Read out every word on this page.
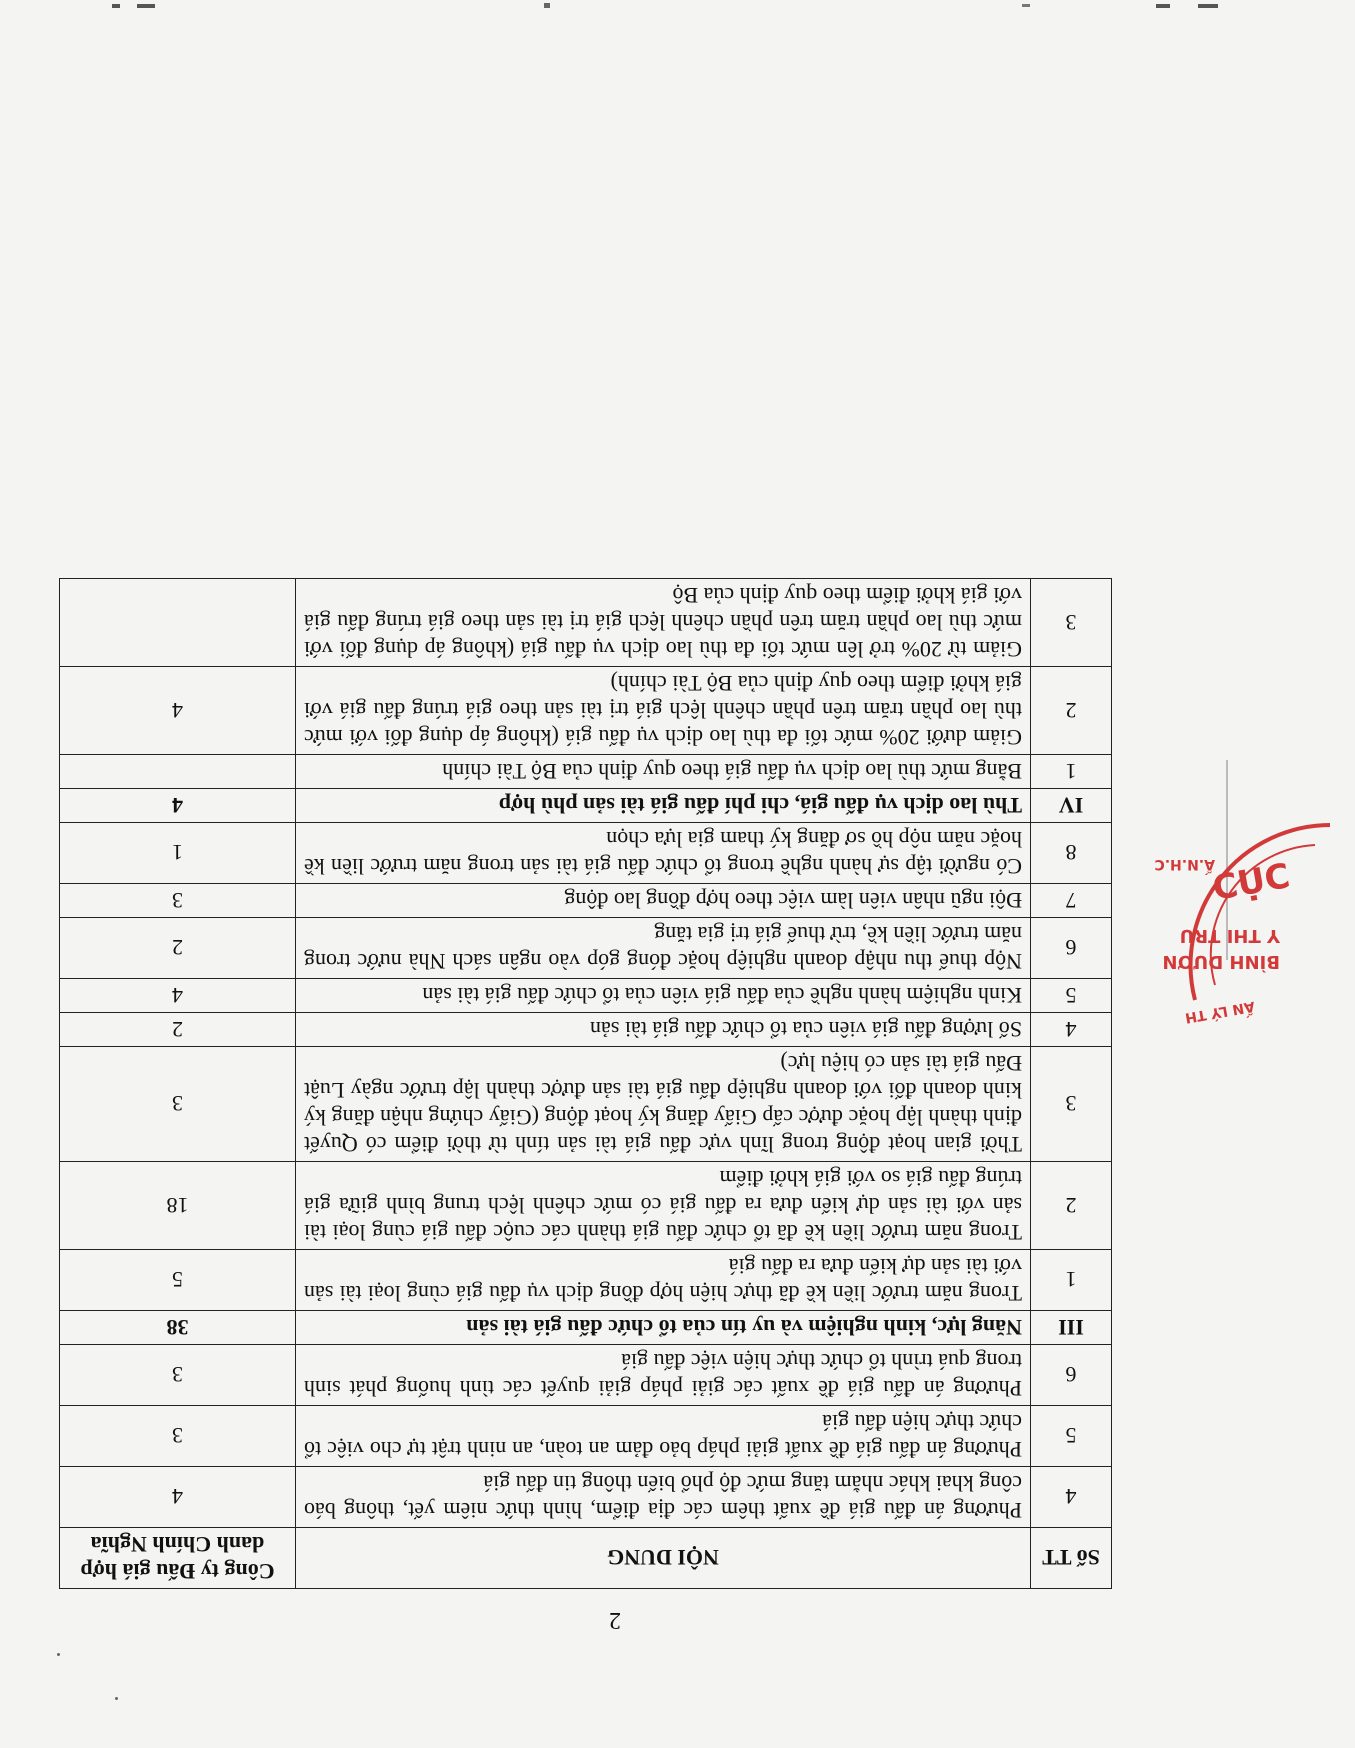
2
Số TT	NỘI DUNG	Công ty Đấu giá hợp danh Chính Nghĩa
4	Phương án đấu giá đề xuất thêm các địa điểm, hình thức niêm yết, thông báo công khai khác nhằm tăng mức độ phổ biến thông tin đấu giá	4
5	Phương án đấu giá đề xuất giải pháp bảo đảm an toàn, an ninh trật tự cho việc tổ chức thực hiện đấu giá	3
6	Phương án đấu giá đề xuất các giải pháp giải quyết các tình huống phát sinh trong quá trình tổ chức thực hiện việc đấu giá	3
III	Năng lực, kinh nghiệm và uy tín của tổ chức đấu giá tài sản	38
1	Trong năm trước liền kề đã thực hiện hợp đồng dịch vụ đấu giá cùng loại tài sản với tài sản dự kiến đưa ra đấu giá	5
2	Trong năm trước liền kề đã tổ chức đấu giá thành các cuộc đấu giá cùng loại tài sản với tài sản dự kiến đưa ra đấu giá có mức chênh lệch trung bình giữa giá trúng đấu giá so với giá khởi điểm	18
3	Thời gian hoạt động trong lĩnh vực đấu giá tài sản tính từ thời điểm có Quyết định thành lập hoặc được cấp Giấy đăng ký hoạt động (Giấy chứng nhận đăng ký kinh doanh đối với doanh nghiệp đấu giá tài sản được thành lập trước ngày Luật Đấu giá tài sản có hiệu lực)	3
4	Số lượng đấu giá viên của tổ chức đấu giá tài sản	2
5	Kinh nghiệm hành nghề của đấu giá viên của tổ chức đấu giá tài sản	4
6	Nộp thuế thu nhập doanh nghiệp hoặc đóng góp vào ngân sách Nhà nước trong năm trước liền kề, trừ thuế giá trị gia tăng	2
7	Đội ngũ nhân viên làm việc theo hợp đồng lao động	3
8	Có người tập sự hành nghề trong tổ chức đấu giá tài sản trong năm trước liền kề hoặc năm nộp hồ sơ đăng ký tham gia lựa chọn	1
IV	Thù lao dịch vụ đấu giá, chi phí đấu giá tài sản phù hợp	4
1	Bằng mức thù lao dịch vụ đấu giá theo quy định của Bộ Tài chính	
2	Giảm dưới 20% mức tối đa thù lao dịch vụ đấu giá (không áp dụng đối với mức thù lao phần trăm trên phần chênh lệch giá trị tài sản theo giá trúng đấu giá với giá khởi điểm theo quy định của Bộ Tài chính)	4
3	Giảm từ 20% trở lên mức tối đa thù lao dịch vụ đấu giá (không áp dụng đối với mức thù lao phần trăm trên phần chênh lệch giá trị tài sản theo giá trúng đấu giá với giá khởi điểm theo quy định của Bộ	
CỤC
Y THI TRU
BÌNH DƯƠN
Ấ.N.H.C
ẤN LÝ TH
